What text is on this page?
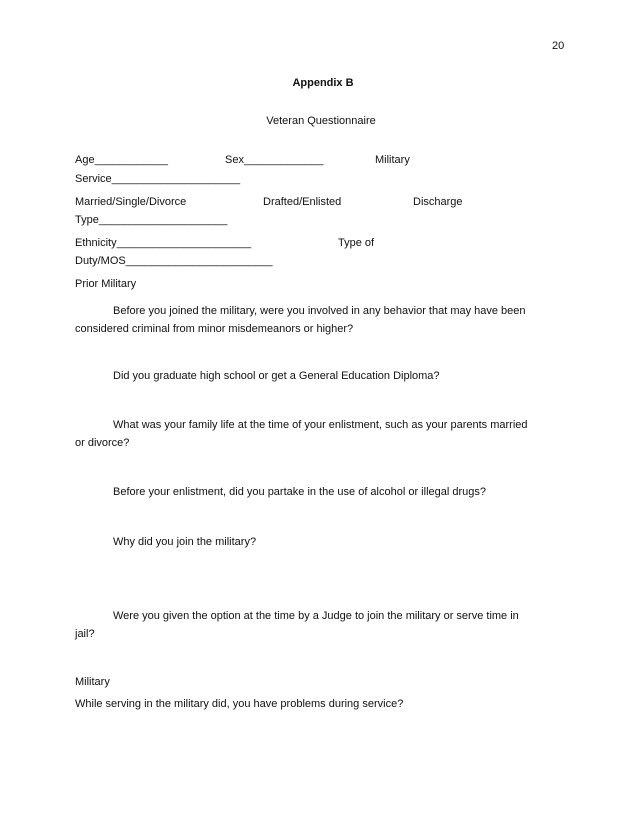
20
Appendix B
Veteran Questionnaire
Age____________	Sex_____________	Military
Service_____________________
Married/Single/Divorce	Drafted/Enlisted	Discharge
Type_____________________
Ethnicity______________________	Type of
Duty/MOS________________________
Prior Military
Before you joined the military, were you involved in any behavior that may have been
considered criminal from minor misdemeanors or higher?
Did you graduate high school or get a General Education Diploma?
What was your family life at the time of your enlistment, such as your parents married
or divorce?
Before your enlistment, did you partake in the use of alcohol or illegal drugs?
Why did you join the military?
Were you given the option at the time by a Judge to join the military or serve time in
jail?
Military
While serving in the military did, you have problems during service?
